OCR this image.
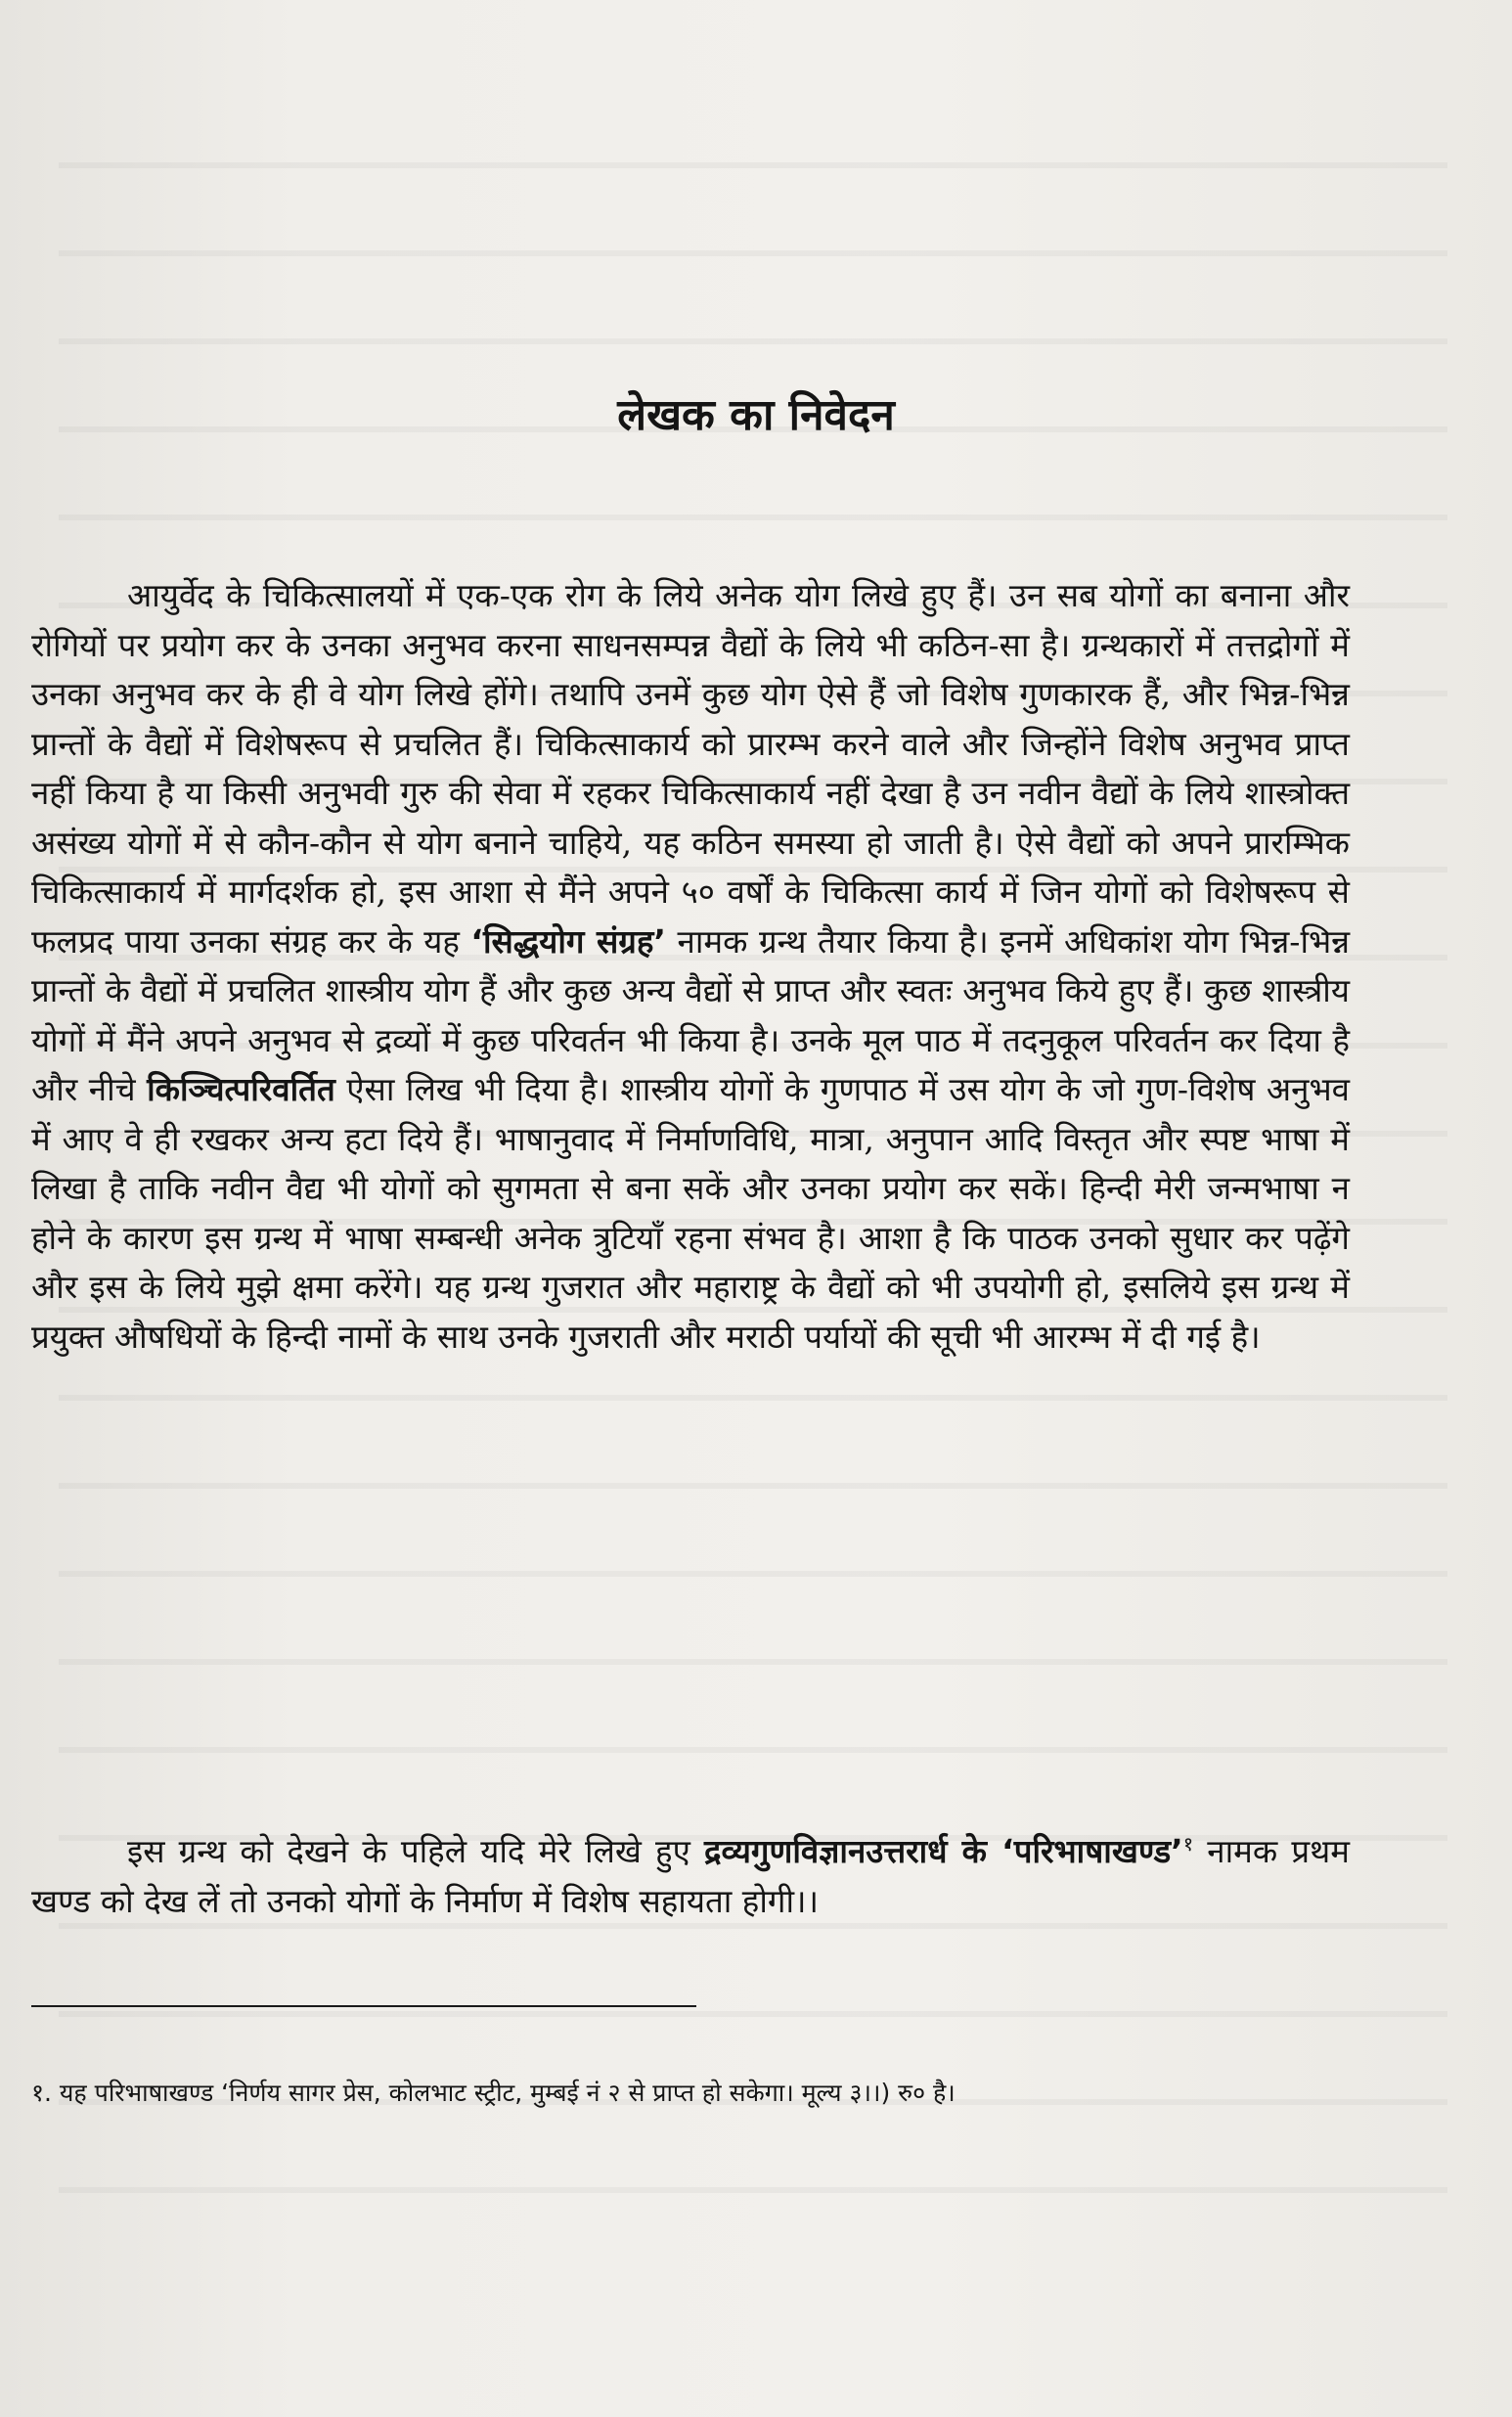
लेखक का निवेदन

आयुर्वेद के चिकित्सालयों में एक-एक रोग के लिये अनेक योग लिखे हुए हैं। उन सब योगों का बनाना और रोगियों पर प्रयोग कर के उनका अनुभव करना साधनसम्पन्न वैद्यों के लिये भी कठिन-सा है। ग्रन्थकारों में तत्तद्रोगों में उनका अनुभव कर के ही वे योग लिखे होंगे। तथापि उनमें कुछ योग ऐसे हैं जो विशेष गुणकारक हैं, और भिन्न-भिन्न प्रान्तों के वैद्यों में विशेषरूप से प्रचलित हैं। चिकित्साकार्य को प्रारम्भ करने वाले और जिन्होंने विशेष अनुभव प्राप्त नहीं किया है या किसी अनुभवी गुरु की सेवा में रहकर चिकित्साकार्य नहीं देखा है उन नवीन वैद्यों के लिये शास्त्रोक्त असंख्य योगों में से कौन-कौन से योग बनाने चाहिये, यह कठिन समस्या हो जाती है। ऐसे वैद्यों को अपने प्रारम्भिक चिकित्साकार्य में मार्गदर्शक हो, इस आशा से मैंने अपने ५० वर्षों के चिकित्सा कार्य में जिन योगों को विशेषरूप से फलप्रद पाया उनका संग्रह कर के यह ‘सिद्धयोग संग्रह’ नामक ग्रन्थ तैयार किया है। इनमें अधिकांश योग भिन्न-भिन्न प्रान्तों के वैद्यों में प्रचलित शास्त्रीय योग हैं और कुछ अन्य वैद्यों से प्राप्त और स्वतः अनुभव किये हुए हैं। कुछ शास्त्रीय योगों में मैंने अपने अनुभव से द्रव्यों में कुछ परिवर्तन भी किया है। उनके मूल पाठ में तदनुकूल परिवर्तन कर दिया है और नीचे किञ्चित्परिवर्तित ऐसा लिख भी दिया है। शास्त्रीय योगों के गुणपाठ में उस योग के जो गुण-विशेष अनुभव में आए वे ही रखकर अन्य हटा दिये हैं। भाषानुवाद में निर्माणविधि, मात्रा, अनुपान आदि विस्तृत और स्पष्ट भाषा में लिखा है ताकि नवीन वैद्य भी योगों को सुगमता से बना सकें और उनका प्रयोग कर सकें। हिन्दी मेरी जन्मभाषा न होने के कारण इस ग्रन्थ में भाषा सम्बन्धी अनेक त्रुटियाँ रहना संभव है। आशा है कि पाठक उनको सुधार कर पढ़ेंगे और इस के लिये मुझे क्षमा करेंगे। यह ग्रन्थ गुजरात और महाराष्ट्र के वैद्यों को भी उपयोगी हो, इसलिये इस ग्रन्थ में प्रयुक्त औषधियों के हिन्दी नामों के साथ उनके गुजराती और मराठी पर्यायों की सूची भी आरम्भ में दी गई है।

इस ग्रन्थ को देखने के पहिले यदि मेरे लिखे हुए द्रव्यगुणविज्ञानउत्तरार्ध के ‘परिभाषाखण्ड’$^१$ नामक प्रथम खण्ड को देख लें तो उनको योगों के निर्माण में विशेष सहायता होगी।।

१. यह परिभाषाखण्ड ‘निर्णय सागर प्रेस, कोलभाट स्ट्रीट, मुम्बई नं २ से प्राप्त हो सकेगा। मूल्य ३।।) रु० है।
